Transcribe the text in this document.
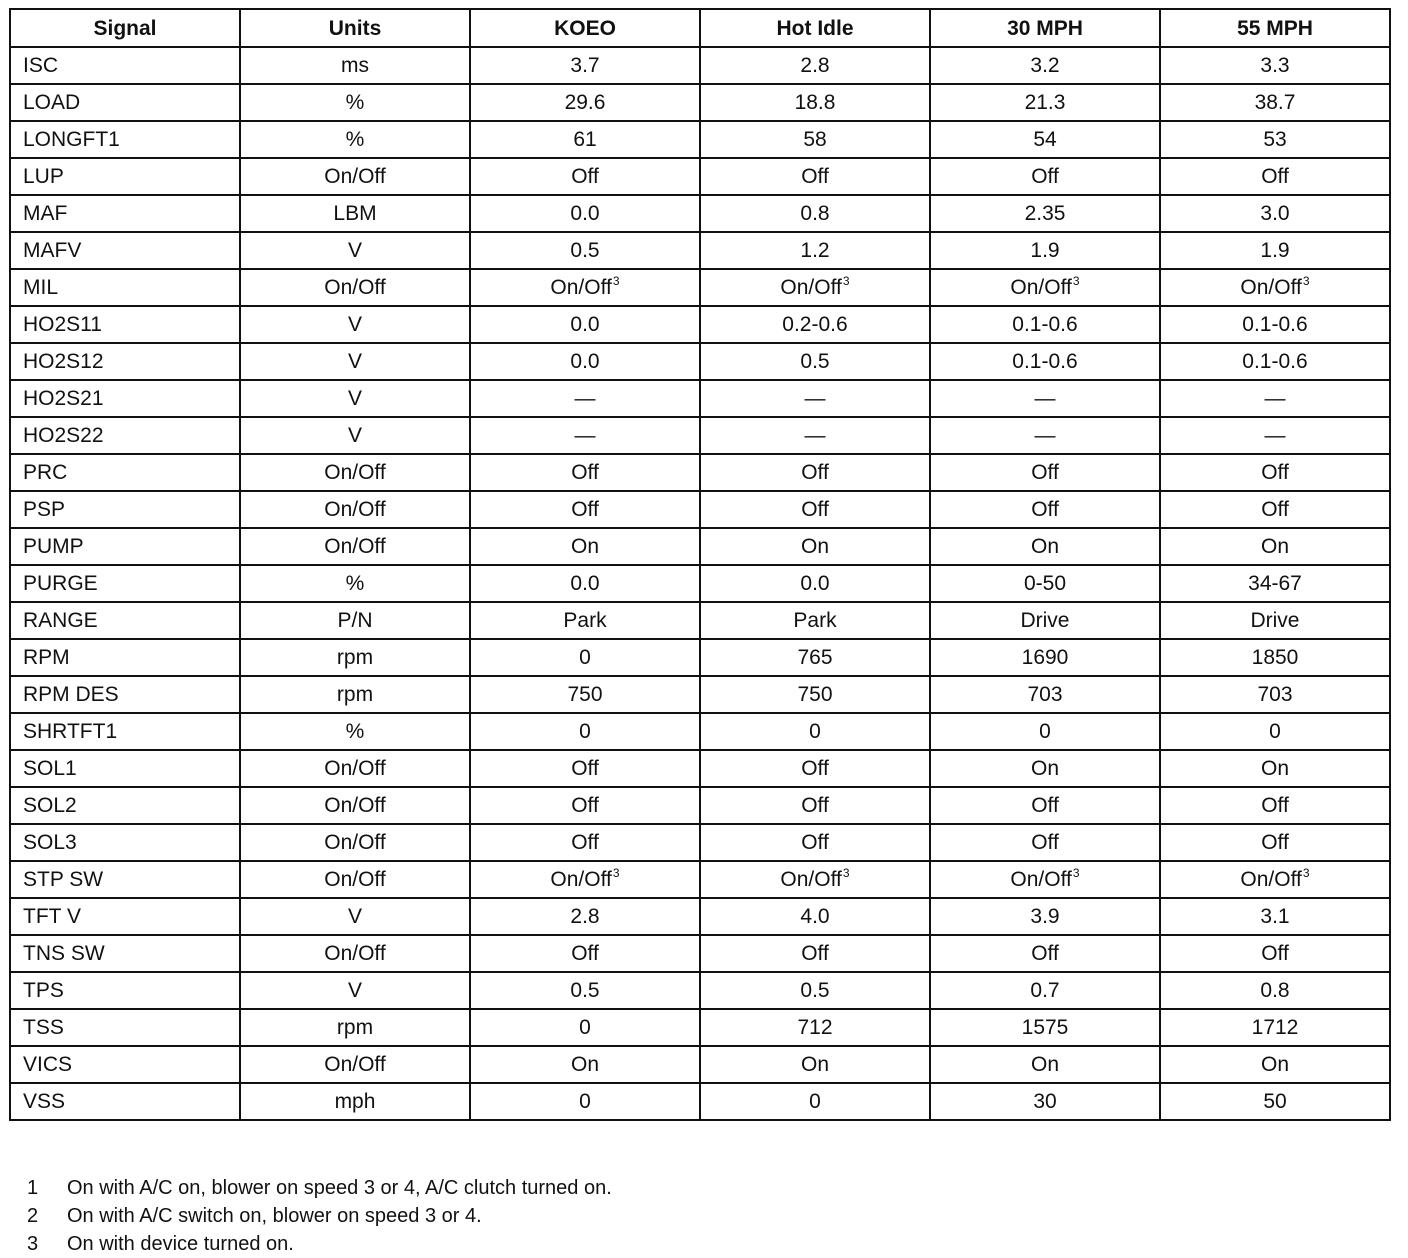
Signal	Units	KOEO	Hot Idle	30 MPH	55 MPH
ISC	ms	3.7	2.8	3.2	3.3
LOAD	%	29.6	18.8	21.3	38.7
LONGFT1	%	61	58	54	53
LUP	On/Off	Off	Off	Off	Off
MAF	LBM	0.0	0.8	2.35	3.0
MAFV	V	0.5	1.2	1.9	1.9
MIL	On/Off	On/Off$^3$	On/Off$^3$	On/Off$^3$	On/Off$^3$
HO2S11	V	0.0	0.2-0.6	0.1-0.6	0.1-0.6
HO2S12	V	0.0	0.5	0.1-0.6	0.1-0.6
HO2S21	V	—	—	—	—
HO2S22	V	—	—	—	—
PRC	On/Off	Off	Off	Off	Off
PSP	On/Off	Off	Off	Off	Off
PUMP	On/Off	On	On	On	On
PURGE	%	0.0	0.0	0-50	34-67
RANGE	P/N	Park	Park	Drive	Drive
RPM	rpm	0	765	1690	1850
RPM DES	rpm	750	750	703	703
SHRTFT1	%	0	0	0	0
SOL1	On/Off	Off	Off	On	On
SOL2	On/Off	Off	Off	Off	Off
SOL3	On/Off	Off	Off	Off	Off
STP SW	On/Off	On/Off$^3$	On/Off$^3$	On/Off$^3$	On/Off$^3$
TFT V	V	2.8	4.0	3.9	3.1
TNS SW	On/Off	Off	Off	Off	Off
TPS	V	0.5	0.5	0.7	0.8
TSS	rpm	0	712	1575	1712
VICS	On/Off	On	On	On	On
VSS	mph	0	0	30	50
1	On with A/C on, blower on speed 3 or 4, A/C clutch turned on.
2	On with A/C switch on, blower on speed 3 or 4.
3	On with device turned on.
